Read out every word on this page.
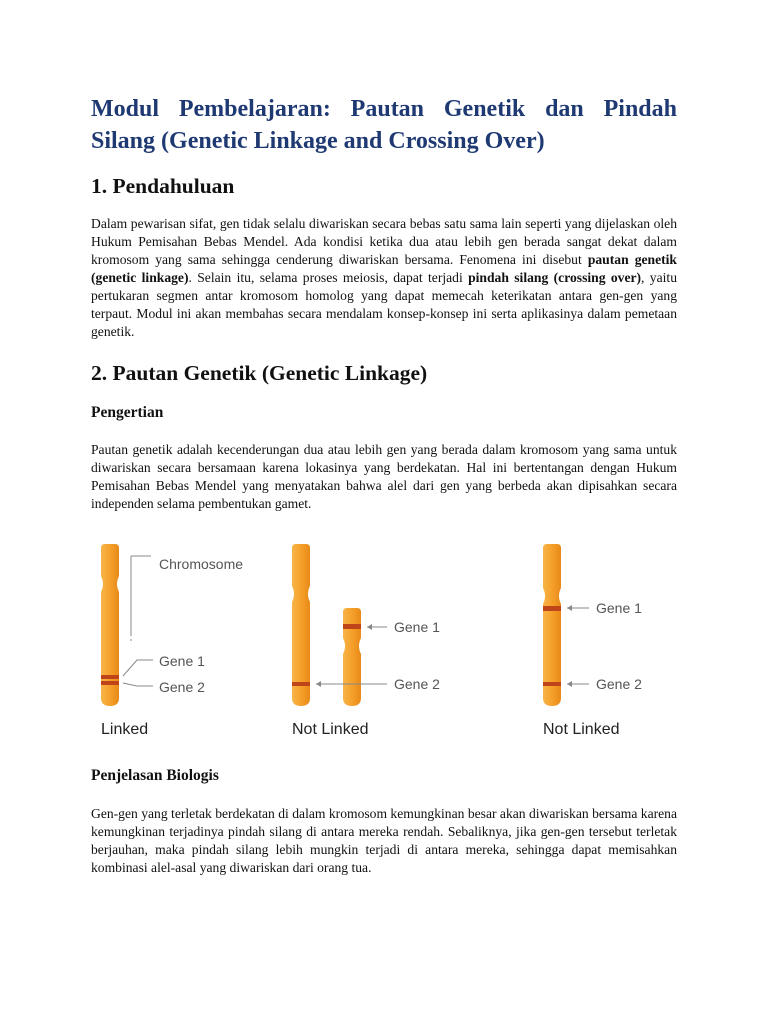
Modul Pembelajaran: Pautan Genetik dan Pindah Silang (Genetic Linkage and Crossing Over)
1. Pendahuluan

Dalam pewarisan sifat, gen tidak selalu diwariskan secara bebas satu sama lain seperti yang dijelaskan oleh Hukum Pemisahan Bebas Mendel. Ada kondisi ketika dua atau lebih gen berada sangat dekat dalam kromosom yang sama sehingga cenderung diwariskan bersama. Fenomena ini disebut pautan genetik (genetic linkage). Selain itu, selama proses meiosis, dapat terjadi pindah silang (crossing over), yaitu pertukaran segmen antar kromosom homolog yang dapat memecah keterikatan antara gen-gen yang terpaut. Modul ini akan membahas secara mendalam konsep-konsep ini serta aplikasinya dalam pemetaan genetik.

2. Pautan Genetik (Genetic Linkage)
Pengertian

Pautan genetik adalah kecenderungan dua atau lebih gen yang berada dalam kromosom yang sama untuk diwariskan secara bersamaan karena lokasinya yang berdekatan. Hal ini bertentangan dengan Hukum Pemisahan Bebas Mendel yang menyatakan bahwa alel dari gen yang berbeda akan dipisahkan secara independen selama pembentukan gamet.

Penjelasan Biologis

Gen-gen yang terletak berdekatan di dalam kromosom kemungkinan besar akan diwariskan bersama karena kemungkinan terjadinya pindah silang di antara mereka rendah. Sebaliknya, jika gen-gen tersebut terletak berjauhan, maka pindah silang lebih mungkin terjadi di antara mereka, sehingga dapat memisahkan kombinasi alel-asal yang diwariskan dari orang tua.

Chromosome
Gene 1
Gene 2
Linked
Gene 1
Gene 2
Not Linked
Gene 1
Gene 2
Not Linked
